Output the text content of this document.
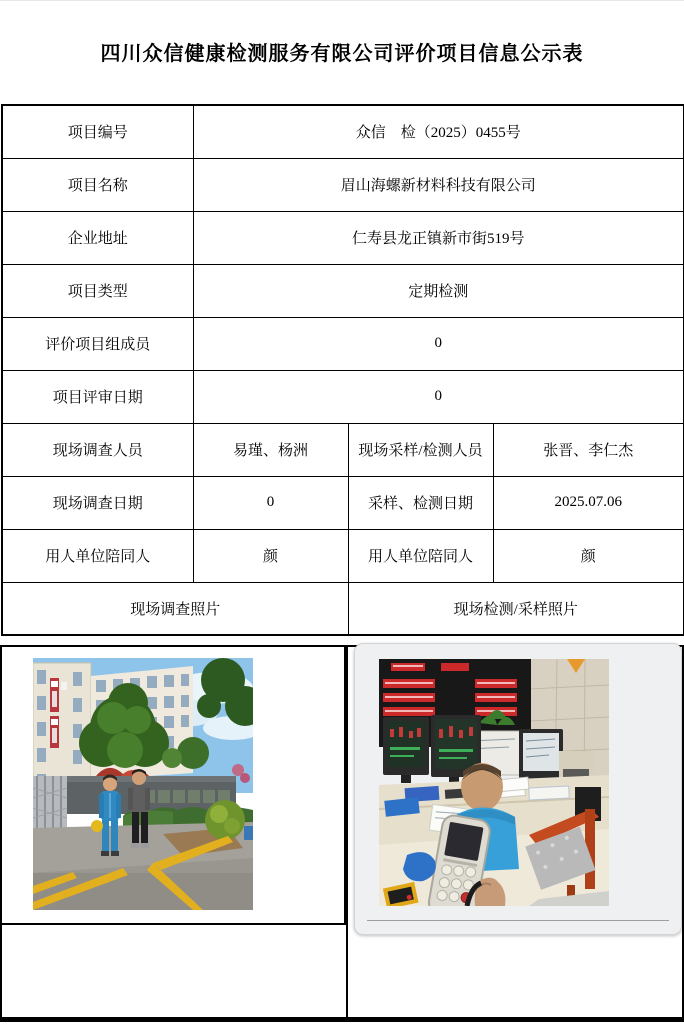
四川众信健康检测服务有限公司评价项目信息公示表
项目编号	众信　检（2025）0455号		
项目名称	眉山海螺新材料科技有限公司		
企业地址	仁寿县龙正镇新市街519号		
项目类型	定期检测		
评价项目组成员	0		
项目评审日期	0		
现场调查人员	易瑾、杨洲	现场采样/检测人员	张晋、李仁杰
现场调查日期	0	采样、检测日期	2025.07.06
用人单位陪同人	颜	用人单位陪同人	颜
现场调查照片		现场检测/采样照片	
